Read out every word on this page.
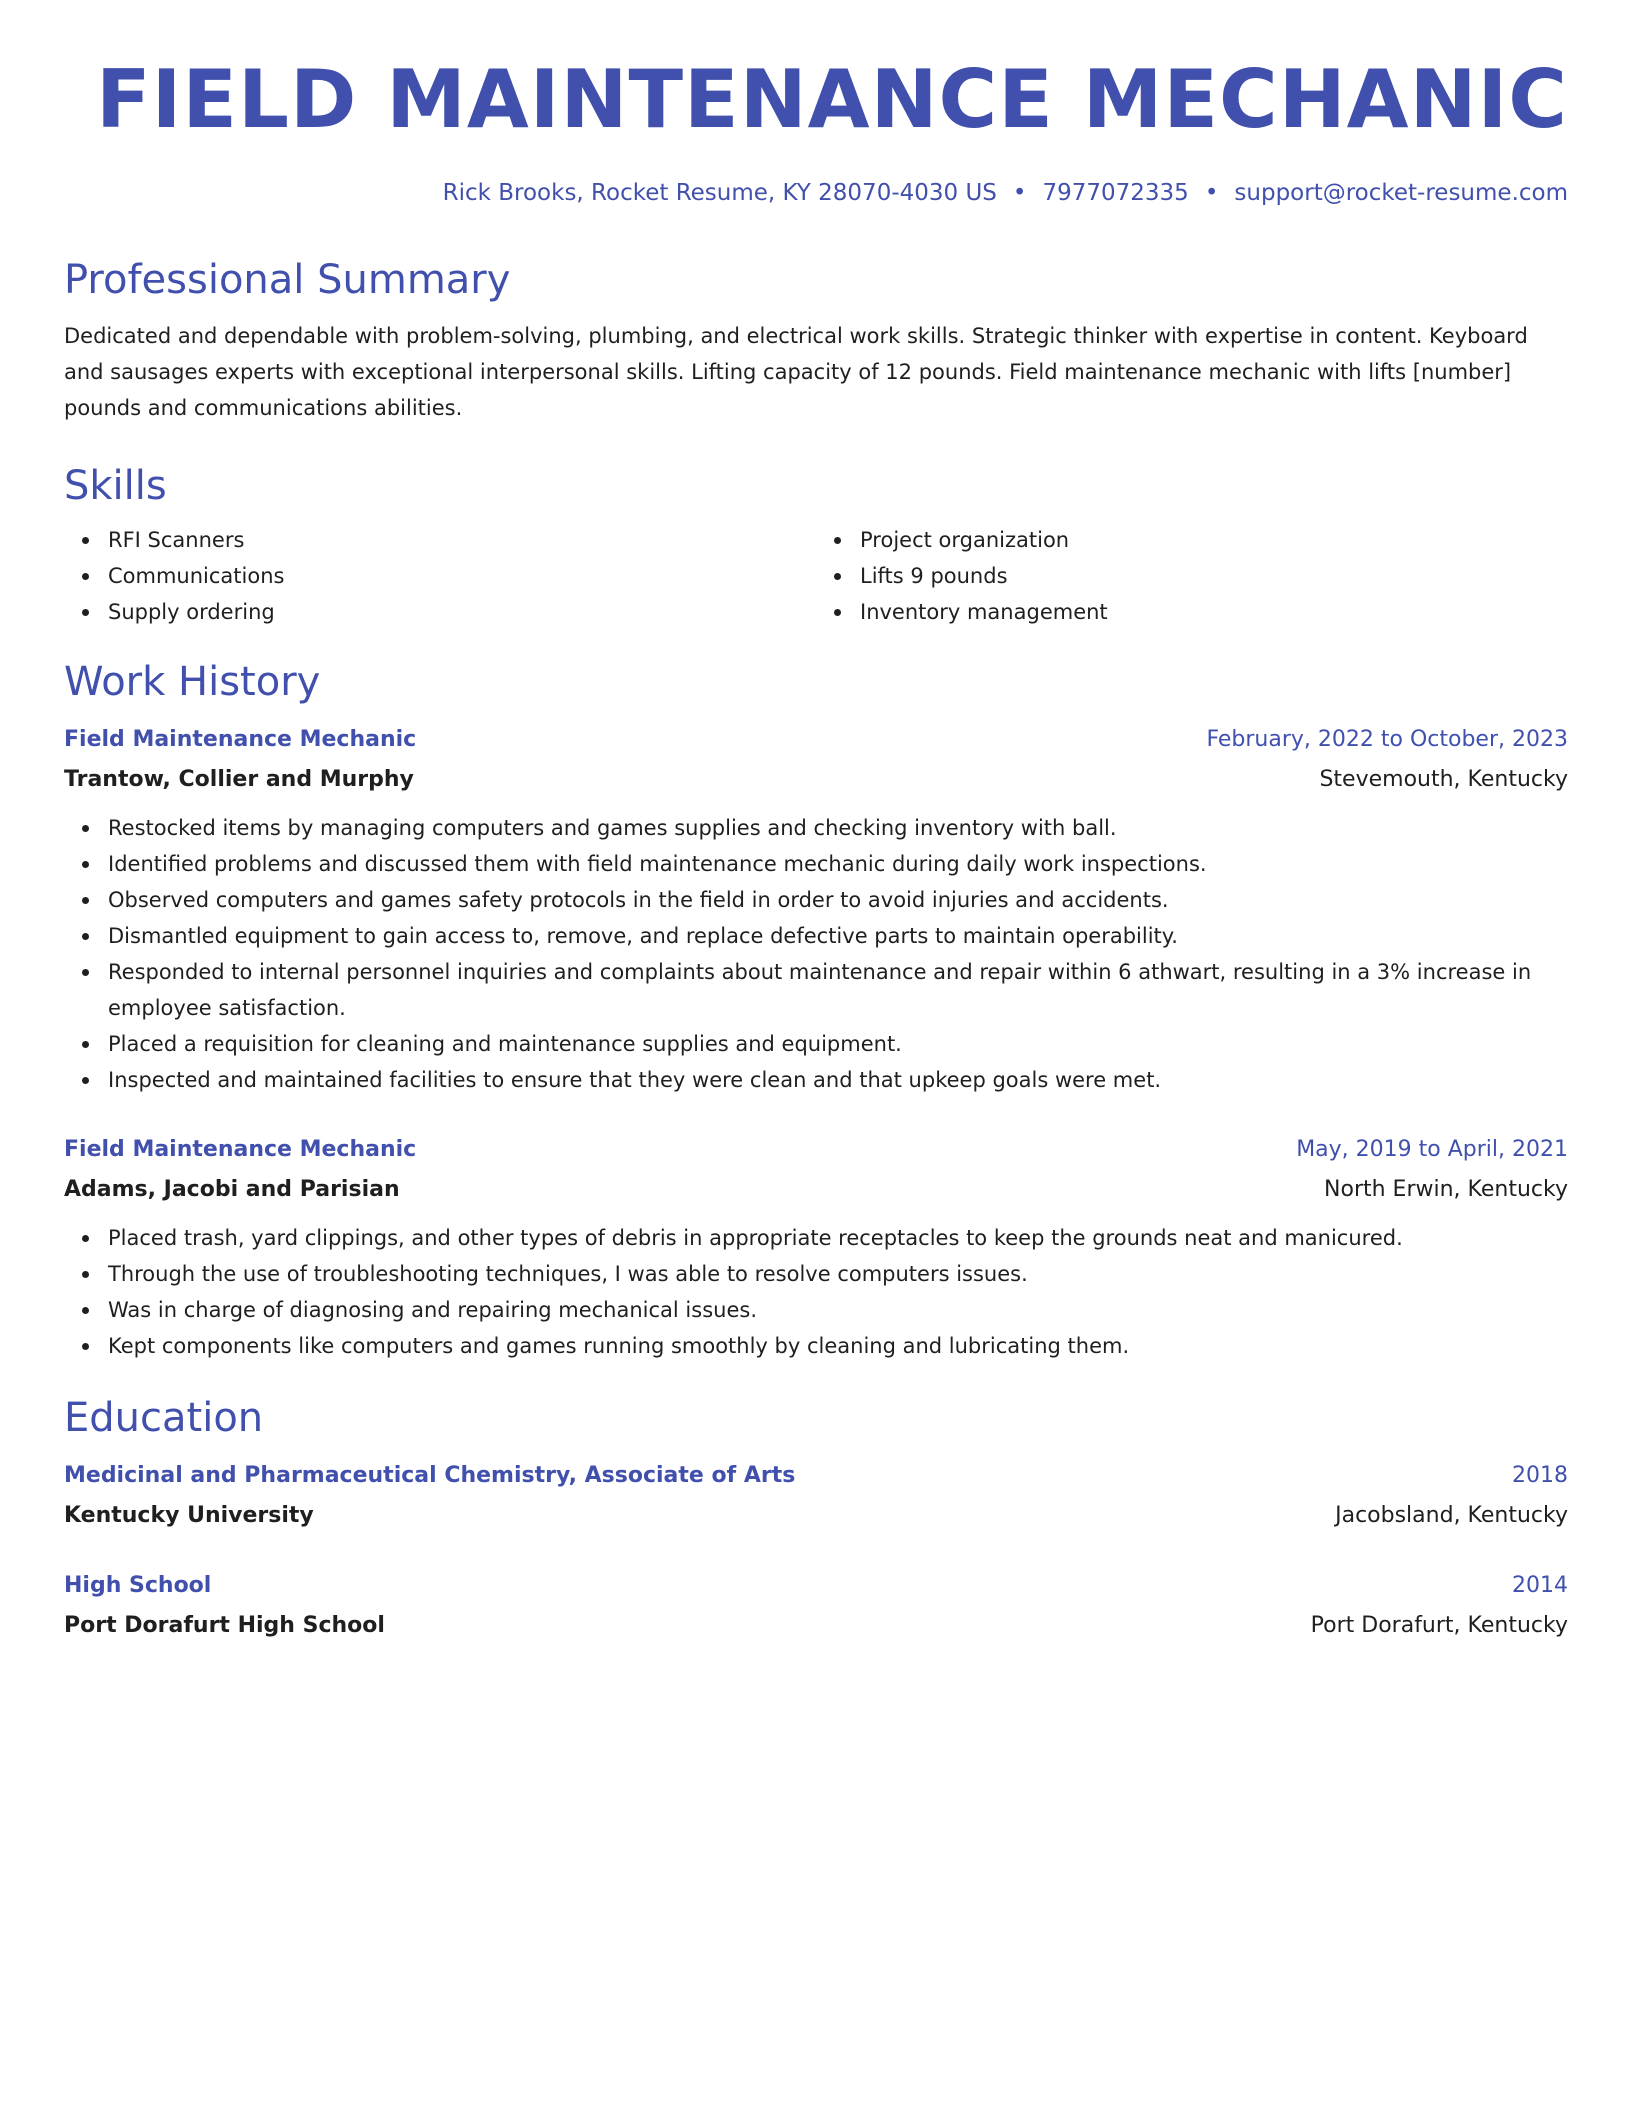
FIELD MAINTENANCE MECHANIC
Rick Brooks, Rocket Resume, KY 28070-4030 US • 7977072335 • support@rocket-resume.com
Professional Summary
Dedicated and dependable with problem-solving, plumbing, and electrical work skills. Strategic thinker with expertise in content. Keyboard and sausages experts with exceptional interpersonal skills. Lifting capacity of 12 pounds. Field maintenance mechanic with lifts [number] pounds and communications abilities.
Skills
RFI Scanners
Communications
Supply ordering
Project organization
Lifts 9 pounds
Inventory management
Work History
Field Maintenance Mechanic	February, 2022 to October, 2023
Trantow, Collier and Murphy	Stevemouth, Kentucky
Restocked items by managing computers and games supplies and checking inventory with ball.
Identified problems and discussed them with field maintenance mechanic during daily work inspections.
Observed computers and games safety protocols in the field in order to avoid injuries and accidents.
Dismantled equipment to gain access to, remove, and replace defective parts to maintain operability.
Responded to internal personnel inquiries and complaints about maintenance and repair within 6 athwart, resulting in a 3% increase in employee satisfaction.
Placed a requisition for cleaning and maintenance supplies and equipment.
Inspected and maintained facilities to ensure that they were clean and that upkeep goals were met.
Field Maintenance Mechanic	May, 2019 to April, 2021
Adams, Jacobi and Parisian	North Erwin, Kentucky
Placed trash, yard clippings, and other types of debris in appropriate receptacles to keep the grounds neat and manicured.
Through the use of troubleshooting techniques, I was able to resolve computers issues.
Was in charge of diagnosing and repairing mechanical issues.
Kept components like computers and games running smoothly by cleaning and lubricating them.
Education
Medicinal and Pharmaceutical Chemistry, Associate of Arts	2018
Kentucky University	Jacobsland, Kentucky
High School	2014
Port Dorafurt High School	Port Dorafurt, Kentucky
